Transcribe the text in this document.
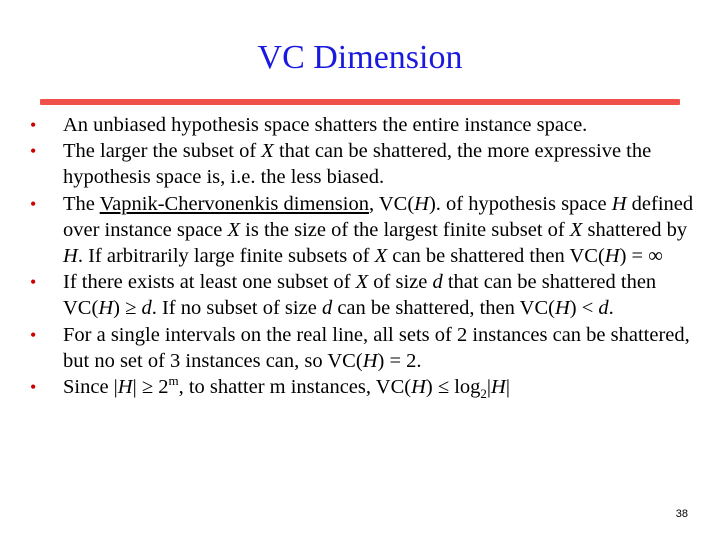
VC Dimension
• An unbiased hypothesis space shatters the entire instance space.
• The larger the subset of X that can be shattered, the more expressive the hypothesis space is, i.e. the less biased.
• The Vapnik-Chervonenkis dimension, VC(H). of hypothesis space H defined over instance space X is the size of the largest finite subset of X shattered by H. If arbitrarily large finite subsets of X can be shattered then VC(H) = ∞
• If there exists at least one subset of X of size d that can be shattered then VC(H) ≥ d. If no subset of size d can be shattered, then VC(H) < d.
• For a single intervals on the real line, all sets of 2 instances can be shattered, but no set of 3 instances can, so VC(H) = 2.
• Since $|H| \ge 2^m$, to shatter m instances, $VC(H) \le \log_2|H|$
38
